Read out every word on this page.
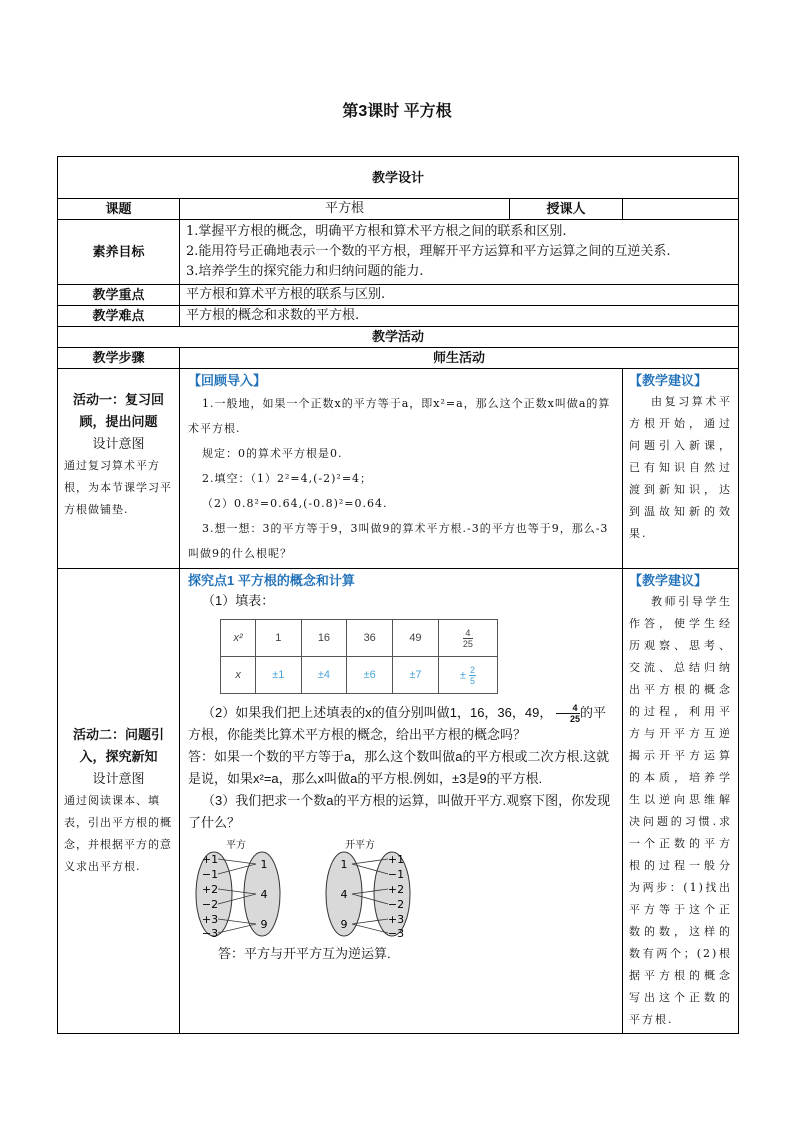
第3课时 平方根
教学设计
课题	平方根	授课人	
素养目标	

1.掌握平方根的概念，明确平方根和算术平方根之间的联系和区别.

2.能用符号正确地表示一个数的平方根，理解开平方运算和平方运算之间的互逆关系.

3.培养学生的探究能力和归纳问题的能力.

教学重点	平方根和算术平方根的联系与区别.
教学难点	平方根的概念和求数的平方根.
教学活动
教学步骤	师生活动

活动一：复习回顾，提出问题
设计意图
通过复习算术平方根，为本节课学习平方根做铺垫.

【回顾导入】

1.一般地，如果一个正数x的平方等于a，即x²=a，那么这个正数x叫做a的算术平方根.

规定：0的算术平方根是0.

2.填空：（1）2²=4,(-2)²=4；

（2）0.8²=0.64,(-0.8)²=0.64.

3.想一想：3的平方等于9，3叫做9的算术平方根.-3的平方也等于9，那么-3叫做9的什么根呢？

【教学建议】
由复习算术平方根开始，通过问题引入新课，已有知识自然过渡到新知识，达到温故知新的效果.

活动二：问题引入，探究新知
设计意图
通过阅读课本、填表，引出平方根的概念，并根据平方的意义求出平方根.

探究点1 平方根的概念和计算

（1）填表：

x²	1	16	36	49	$\frac{4}{25}$

x	±1	±4	±6	±7	± $\frac{2}{5}$

（2）如果我们把上述填表的x的值分别叫做1，16，36，49， $\frac{4}{25}$ 的平方根，你能类比算术平方根的概念，给出平方根的概念吗？

答：如果一个数的平方等于a，那么这个数叫做a的平方根或二次方根.这就是说，如果x²=a，那么x叫做a的平方根.例如，±3是9的平方根.

（3）我们把求一个数a的平方根的运算，叫做开平方.观察下图，你发现了什么？

平方
+1
−1
+2
−2
+3
−3
1
4
9
开平方
1
4
9
+1
−1
+2
−2
+3
−3

答：平方与开平方互为逆运算.

【教学建议】
教师引导学生作答，使学生经历观察、思考、交流、总结归纳出平方根的概念的过程，利用平方与开平方互逆揭示开平方运算的本质，培养学生以逆向思维解决问题的习惯.求一个正数的平方根的过程一般分为两步：(1)找出平方等于这个正数的数，这样的数有两个；(2)根据平方根的概念写出这个正数的平方根.
